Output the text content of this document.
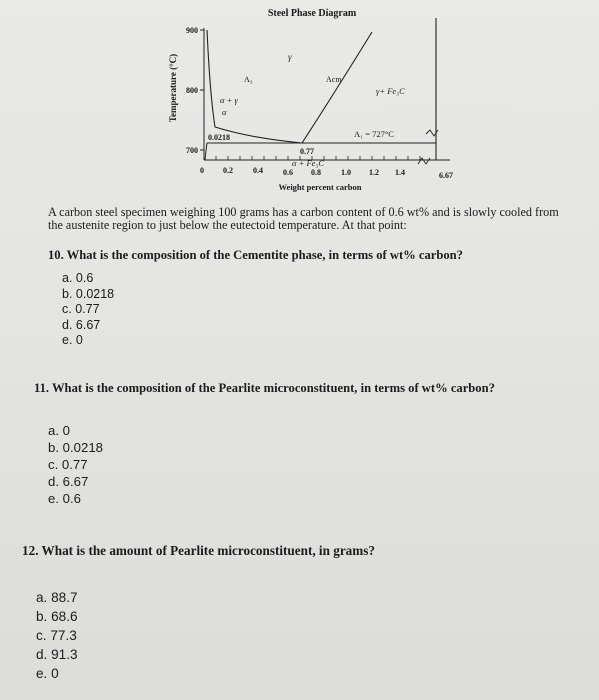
Steel Phase Diagram
Temperature (°C)
900
800
700
0 0.2	0.4	0.6 0.8	1.0 1.2 1.4	6.67
γ
A₃	Acm
γ+ Fe₃C
α + γ
α
A₁ = 727°C
0.0218
0.77
α + Fe₃C
Weight percent carbon
A carbon steel specimen weighing 100 grams has a carbon content of 0.6 wt% and is slowly cooled from the austenite region to just below the eutectoid temperature. At that point:
10. What is the composition of the Cementite phase, in terms of wt% carbon?
a. 0.6
b. 0.0218
c. 0.77
d. 6.67
e. 0
11. What is the composition of the Pearlite microconstituent, in terms of wt% carbon?
a. 0
b. 0.0218
c. 0.77
d. 6.67
e. 0.6
12. What is the amount of Pearlite microconstituent, in grams?
a. 88.7
b. 68.6
c. 77.3
d. 91.3
e. 0
